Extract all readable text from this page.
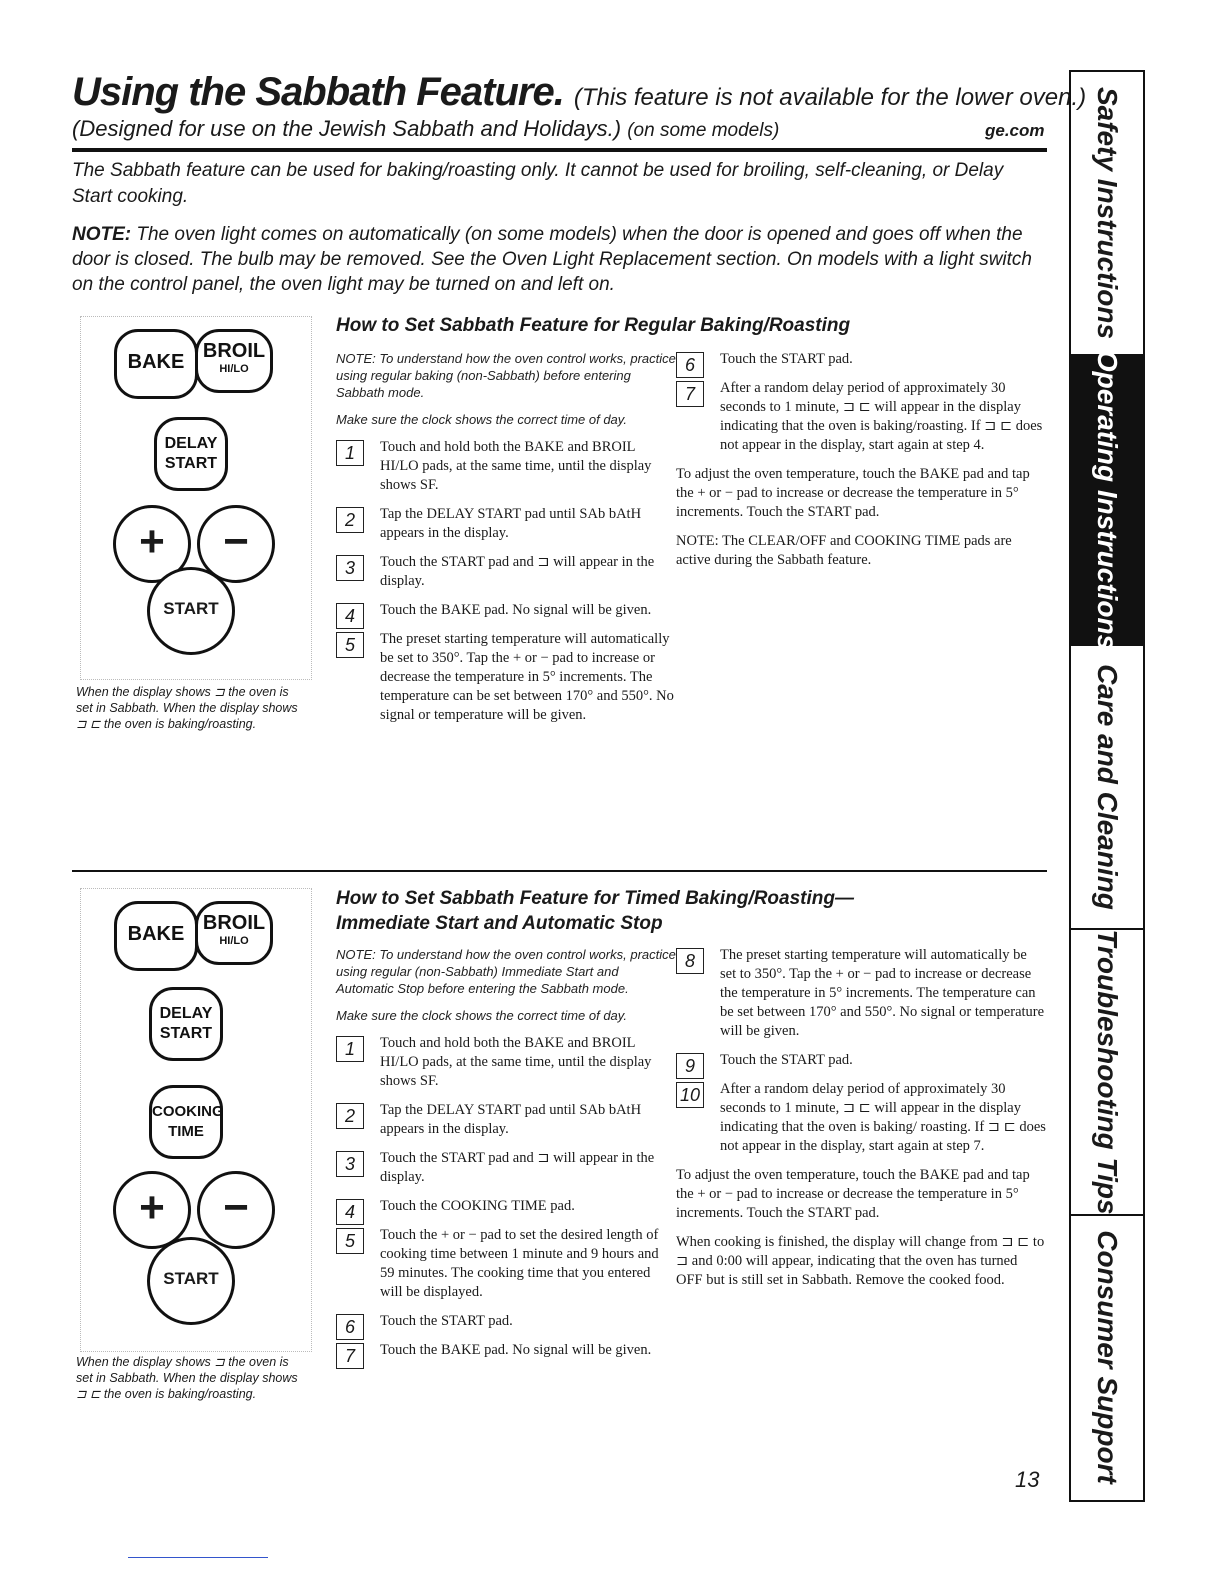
Using the Sabbath Feature. (This feature is not available for the lower oven.)
(Designed for use on the Jewish Sabbath and Holidays.) (on some models)	ge.com
The Sabbath feature can be used for baking/roasting only. It cannot be used for broiling, self-cleaning, or Delay Start cooking.
NOTE: The oven light comes on automatically (on some models) when the door is opened and goes off when the door is closed. The bulb may be removed. See the Oven Light Replacement section. On models with a light switch on the control panel, the oven light may be turned on and left on.
BAKE BROIL
HI/LO
DELAY
START
+	−
START
When the display shows ⊐ the oven is set in Sabbath. When the display shows ⊐ ⊏ the oven is baking/roasting.
How to Set Sabbath Feature for Regular Baking/Roasting

NOTE: To understand how the oven control works, practice using regular baking (non-Sabbath) before entering Sabbath mode.

Make sure the clock shows the correct time of day.

1	Touch and hold both the BAKE and BROIL HI/LO pads, at the same time, until the display shows SF.
2	Tap the DELAY START pad until SAb bAtH appears in the display.
3	Touch the START pad and ⊐ will appear in the display.
4	Touch the BAKE pad. No signal will be given.
5	The preset starting temperature will automatically be set to 350°. Tap the + or − pad to increase or decrease the temperature in 5° increments. The temperature can be set between 170° and 550°. No signal or temperature will be given.
6	Touch the START pad.
7	After a random delay period of approximately 30 seconds to 1 minute, ⊐ ⊏ will appear in the display indicating that the oven is baking/roasting. If ⊐ ⊏ does not appear in the display, start again at step 4.

To adjust the oven temperature, touch the BAKE pad and tap the + or − pad to increase or decrease the temperature in 5° increments. Touch the START pad.

NOTE: The CLEAR/OFF and COOKING TIME pads are active during the Sabbath feature.

BAKE BROIL
HI/LO
DELAY
START
COOKING
TIME
+	−
START
When the display shows ⊐ the oven is set in Sabbath. When the display shows ⊐ ⊏ the oven is baking/roasting.
How to Set Sabbath Feature for Timed Baking/Roasting—
Immediate Start and Automatic Stop

NOTE: To understand how the oven control works, practice using regular (non-Sabbath) Immediate Start and Automatic Stop before entering the Sabbath mode.

Make sure the clock shows the correct time of day.

1	Touch and hold both the BAKE and BROIL HI/LO pads, at the same time, until the display shows SF.
2	Tap the DELAY START pad until SAb bAtH appears in the display.
3	Touch the START pad and ⊐ will appear in the display.
4	Touch the COOKING TIME pad.
5	Touch the + or − pad to set the desired length of cooking time between 1 minute and 9 hours and 59 minutes. The cooking time that you entered will be displayed.
6	Touch the START pad.
7	Touch the BAKE pad. No signal will be given.
8	The preset starting temperature will automatically be set to 350°. Tap the + or − pad to increase or decrease the temperature in 5° increments. The temperature can be set between 170° and 550°. No signal or temperature will be given.
9	Touch the START pad.
10 After a random delay period of approximately 30 seconds to 1 minute, ⊐ ⊏ will appear in the display indicating that the oven is baking/ roasting. If ⊐ ⊏ does not appear in the display, start again at step 7.

To adjust the oven temperature, touch the BAKE pad and tap the + or − pad to increase or decrease the temperature in 5° increments. Touch the START pad.

When cooking is finished, the display will change from ⊐ ⊏ to ⊐ and 0:00 will appear, indicating that the oven has turned OFF but is still set in Sabbath. Remove the cooked food.

13
Safety Instructions
Operating Instructions
Care and Cleaning
Troubleshooting Tips
Consumer Support
